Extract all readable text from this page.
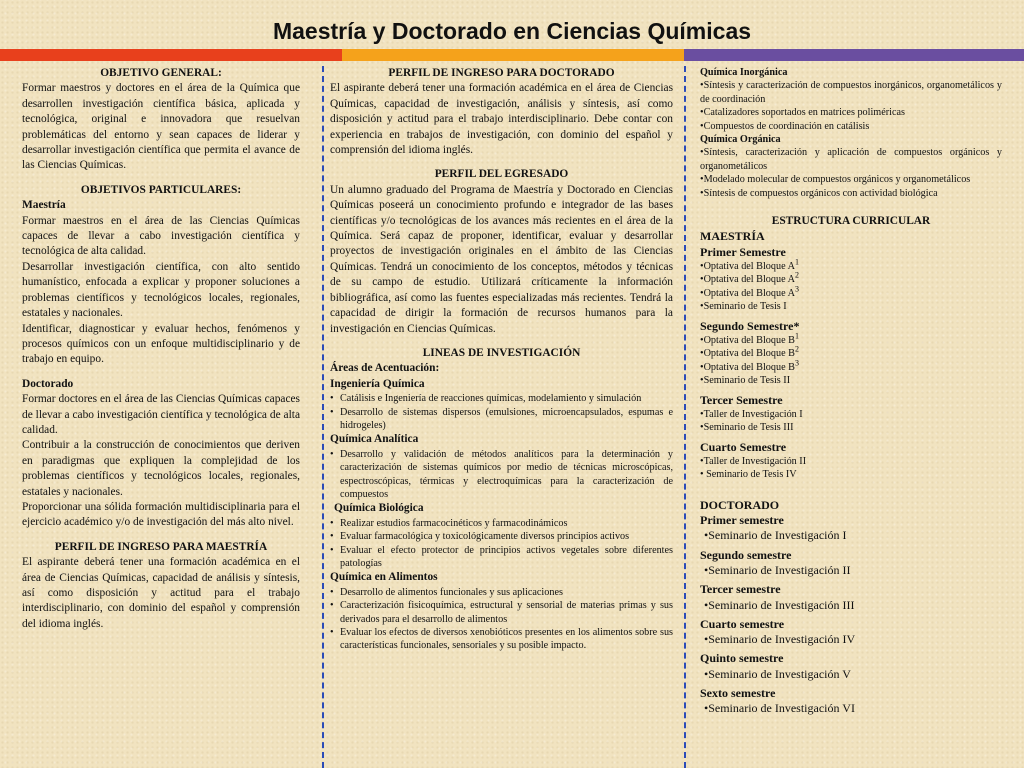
Maestría y Doctorado en Ciencias Químicas

OBJETIVO GENERAL:

Formar maestros y doctores en el área de la Química que desarrollen investigación científica básica, aplicada y tecnológica, original e innovadora que resuelvan problemáticas del entorno y sean capaces de liderar y desarrollar investigación científica que permita el avance de las Ciencias Químicas.

OBJETIVOS PARTICULARES:

Maestría

Formar maestros en el área de las Ciencias Químicas capaces de llevar a cabo investigación científica y tecnológica de alta calidad.

Desarrollar investigación científica, con alto sentido humanístico, enfocada a explicar y proponer soluciones a problemas científicos y tecnológicos locales, regionales, estatales y nacionales.

Identificar, diagnosticar y evaluar hechos, fenómenos y procesos químicos con un enfoque multidisciplinario y de trabajo en equipo.

Doctorado

Formar doctores en el área de las Ciencias Químicas capaces de llevar a cabo investigación científica y tecnológica de alta calidad.

Contribuir a la construcción de conocimientos que deriven en paradigmas que expliquen la complejidad de los problemas científicos y tecnológicos locales, regionales, estatales y nacionales.

Proporcionar una sólida formación multidisciplinaria para el ejercicio académico y/o de investigación del más alto nivel.

PERFIL DE INGRESO PARA MAESTRÍA

El aspirante deberá tener una formación académica en el área de Ciencias Químicas, capacidad de análisis y síntesis, así como disposición y actitud para el trabajo interdisciplinario, con dominio del español y comprensión del idioma inglés.

PERFIL DE INGRESO PARA DOCTORADO

El aspirante deberá tener una formación académica en el área de Ciencias Químicas, capacidad de investigación, análisis y síntesis, así como disposición y actitud para el trabajo interdisciplinario. Debe contar con experiencia en trabajos de investigación, con dominio del español y comprensión del idioma inglés.

PERFIL DEL EGRESADO

Un alumno graduado del Programa de Maestría y Doctorado en Ciencias Químicas poseerá un conocimiento profundo e integrador de las bases científicas y/o tecnológicas de los avances más recientes en el área de la Química. Será capaz de proponer, identificar, evaluar y desarrollar proyectos de investigación originales en el ámbito de las Ciencias Químicas. Tendrá un conocimiento de los conceptos, métodos y técnicas de su campo de estudio. Utilizará críticamente la información bibliográfica, así como las fuentes especializadas más recientes. Tendrá la capacidad de dirigir la formación de recursos humanos para la investigación en Ciencias Químicas.

LINEAS DE INVESTIGACIÓN

Áreas de Acentuación:

Ingeniería Química

• Catálisis e Ingeniería de reacciones químicas, modelamiento y simulación
• Desarrollo de sistemas dispersos (emulsiones, microencapsulados, espumas e hidrogeles)

Química Analítica

• Desarrollo y validación de métodos analíticos para la determinación y caracterización de sistemas químicos por medio de técnicas microscópicas, espectroscópicas, térmicas y electroquímicas para la caracterización de compuestos

Química Biológica

• Realizar estudios farmacocinéticos y farmacodinámicos
• Evaluar farmacológica y toxicológicamente diversos principios activos
• Evaluar el efecto protector de principios activos vegetales sobre diferentes patologías

Química en Alimentos

• Desarrollo de alimentos funcionales y sus aplicaciones
• Caracterización fisicoquímica, estructural y sensorial de materias primas y sus derivados para el desarrollo de alimentos
• Evaluar los efectos de diversos xenobióticos presentes en los alimentos sobre sus características funcionales, sensoriales y su posible impacto.

Química Inorgánica

•Síntesis y caracterización de compuestos inorgánicos, organometálicos y de coordinación
•Catalizadores soportados en matrices poliméricas
•Compuestos de coordinación en catálisis

Química Orgánica

•Síntesis, caracterización y aplicación de compuestos orgánicos y organometálicos
•Modelado molecular de compuestos orgánicos y organometálicos
•Síntesis de compuestos orgánicos con actividad biológica

ESTRUCTURA CURRICULAR

MAESTRÍA

Primer Semestre

•Optativa del Bloque $A^1$
•Optativa del Bloque $A^2$
•Optativa del Bloque $A^3$
•Seminario de Tesis I

Segundo Semestre*

•Optativa del Bloque $B^1$
•Optativa del Bloque $B^2$
•Optativa del Bloque $B^3$
•Seminario de Tesis II

Tercer Semestre

•Taller de Investigación I
•Seminario de Tesis III

Cuarto Semestre

•Taller de Investigación II
• Seminario de Tesis IV

DOCTORADO

Primer semestre

•Seminario de Investigación I

Segundo semestre

•Seminario de Investigación II

Tercer semestre

•Seminario de Investigación III

Cuarto semestre

•Seminario de Investigación IV

Quinto semestre

•Seminario de Investigación V

Sexto semestre

•Seminario de Investigación VI
